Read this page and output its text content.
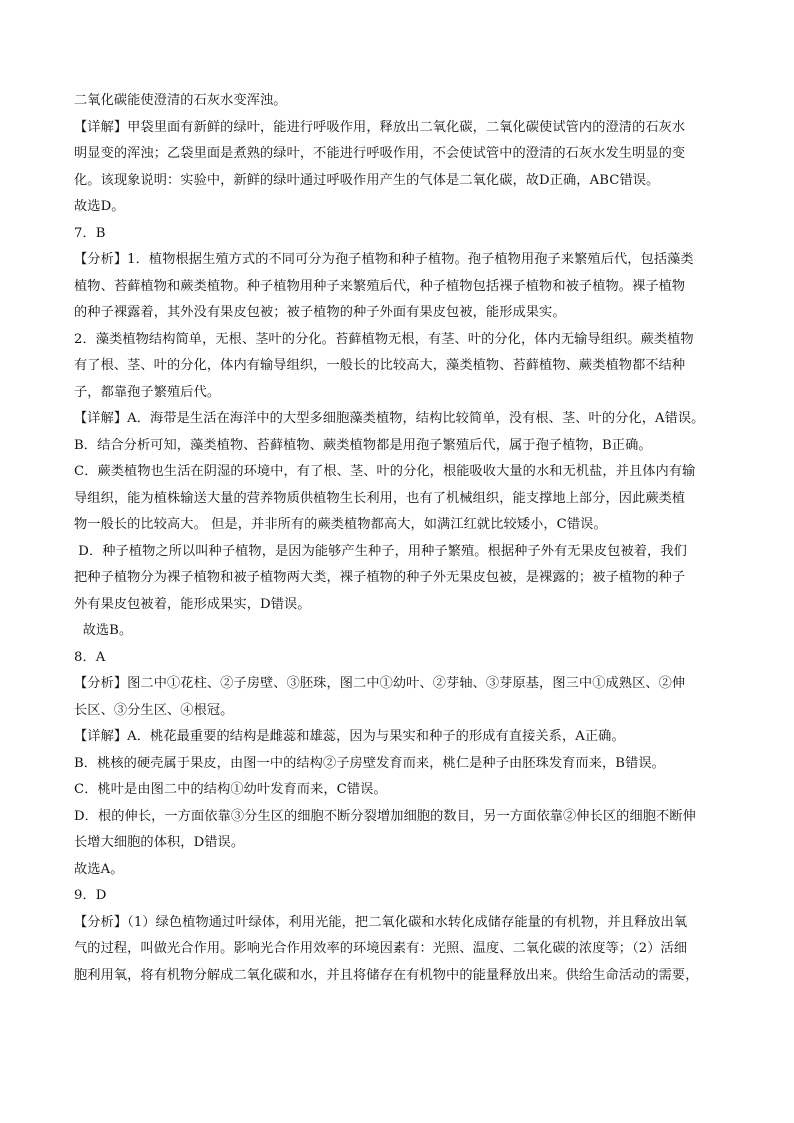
二氧化碳能使澄清的石灰水变浑浊。
【详解】甲袋里面有新鲜的绿叶，能进行呼吸作用，释放出二氧化碳，二氧化碳使试管内的澄清的石灰水
明显变的浑浊；乙袋里面是煮熟的绿叶，不能进行呼吸作用，不会使试管中的澄清的石灰水发生明显的变
化。该现象说明：实验中，新鲜的绿叶通过呼吸作用产生的气体是二氧化碳，故D正确，ABC错误。
故选D。
7．B
【分析】1．植物根据生殖方式的不同可分为孢子植物和种子植物。孢子植物用孢子来繁殖后代，包括藻类
植物、苔藓植物和蕨类植物。种子植物用种子来繁殖后代，种子植物包括裸子植物和被子植物。裸子植物
的种子裸露着，其外没有果皮包被；被子植物的种子外面有果皮包被，能形成果实。
2．藻类植物结构简单，无根、茎叶的分化。苔藓植物无根，有茎、叶的分化，体内无输导组织。蕨类植物
有了根、茎、叶的分化，体内有输导组织，一般长的比较高大，藻类植物、苔藓植物、蕨类植物都不结种
子，都靠孢子繁殖后代。
【详解】A．海带是生活在海洋中的大型多细胞藻类植物，结构比较简单，没有根、茎、叶的分化，A错误。
B．结合分析可知，藻类植物、苔藓植物、蕨类植物都是用孢子繁殖后代，属于孢子植物，B正确。
C．蕨类植物也生活在阴湿的环境中，有了根、茎、叶的分化，根能吸收大量的水和无机盐，并且体内有输
导组织，能为植株输送大量的营养物质供植物生长利用，也有了机械组织，能支撑地上部分，因此蕨类植
物一般长的比较高大。 但是，并非所有的蕨类植物都高大，如满江红就比较矮小，C错误。
D．种子植物之所以叫种子植物，是因为能够产生种子，用种子繁殖。根据种子外有无果皮包被着，我们
把种子植物分为裸子植物和被子植物两大类，裸子植物的种子外无果皮包被，是裸露的；被子植物的种子
外有果皮包被着，能形成果实，D错误。
故选B。
8．A
【分析】图二中①花柱、②子房壁、③胚珠，图二中①幼叶、②芽轴、③芽原基，图三中①成熟区、②伸
长区、③分生区、④根冠。
【详解】A．桃花最重要的结构是雌蕊和雄蕊，因为与果实和种子的形成有直接关系，A正确。
B．桃核的硬壳属于果皮，由图一中的结构②子房壁发育而来，桃仁是种子由胚珠发育而来，B错误。
C．桃叶是由图二中的结构①幼叶发育而来，C错误。
D．根的伸长，一方面依靠③分生区的细胞不断分裂增加细胞的数目，另一方面依靠②伸长区的细胞不断伸
长增大细胞的体积，D错误。
故选A。
9．D
【分析】（1）绿色植物通过叶绿体，利用光能，把二氧化碳和水转化成储存能量的有机物，并且释放出氧
气的过程，叫做光合作用。影响光合作用效率的环境因素有：光照、温度、二氧化碳的浓度等；（2）活细
胞利用氧，将有机物分解成二氧化碳和水，并且将储存在有机物中的能量释放出来。供给生命活动的需要，
